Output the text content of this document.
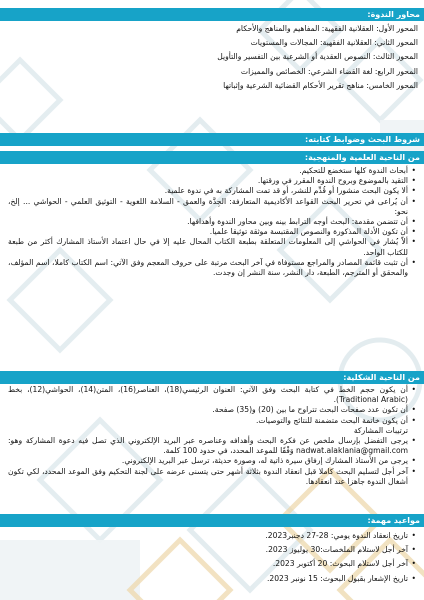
محاور الندوة:

المحور الأول: العقلانية الفقهية: المفاهيم والمناهج والأحكام

المحور الثاني: العقلانية الفقهية: المجالات والمستويات

المحور الثالث: النصوص العقدية أو الشرعية بين التفسير والتأويل

المحور الرابع: لغة القضاء الشرعي: الخصائص والمميزات

المحور الخامس: مناهج تقرير الأحكام القضائية الشرعية وإثباتها

شروط البحث وضوابط كتابته:
من الناحية العلمية والمنهجية:
• أبحاث الندوة كلها ستخضع للتحكيم.
• التقيد بالموضوع وبروح الندوة المقرر في ورقتها.
• ألا يكون البحث منشورا أو قُدِّم للنشر، أو قد تمت المشاركة به في ندوة علمية.
• أن يُراعى في تحرير البحث القواعد الأكاديمية المتعارفة: الجِدَّة والعمق - السلامة اللغوية - التوثيق العلمي - الحواشي ... إلخ، نحو:
• أن تتضمن مقدمة: البحث أوجه الترابط بينه وبين محاور الندوة وأهدافها.
• أن تكون الأدلة المذكورة والنصوص المقتبسة موثقة توثيقا علميا.
• ألاّ يُشار في الحواشي إلى المعلومات المتعلقة بطبعة الكتاب المحال عليه إلا في حال اعتماد الأستاذ المشارك أكثر من طبعة للكتاب الواحد.
• أن تثبت قائمة المصادر والمراجع مستوفاة في آخر البحث مرتبة على حروف المعجم وفق الآتي: اسم الكتاب كاملا، اسم المؤلف، والمحقق أو المترجم، الطبعة، دار النشر، سنة النشر إن وجدت.
من الناحية الشكلية:
• أن يكون حجم الخط في كتابة البحث وفق الآتي: العنوان الرئيسي(18)، العناصر(16)، المتن(14)، الحواشي(12)، بخط (Traditional Arabic).
• أن تكون عدد صفحات البحث تتراوح ما بين (20) و(35) صفحة.
• أن يكون خاتمة البحث متضمنة للنتائج والتوصيات.

ترتيبات المشاركة

• يرجى التفضل بإرسال ملخص عن فكرة البحث وأهدافه وعناصره عبر البريد الإلكتروني الذي تصل فيه دعوة المشاركة وهو: nadwat.alaklania@gmail.com وَفْقًا للموعد المحدد، في حدود 100 كلمة.
• يرجى من الأستاذ المشارك إرفاق سيرة ذاتية له، وصورة حديثة، ترسل عبر البريد الإلكتروني.
• آخر أجل لتسليم البحث كاملا قبل انعقاد الندوة بثلاثة أشهر حتى يتسنى عرضه على لجنة التحكيم وفق الموعد المحدد، لكي تكون أشغال الندوة جاهزا عند انعقادها.
مواعيد مهمة:
• تاريخ انعقاد الندوة يومي: 28-27 دجنبر2023.
• آخر أجل لاستلام الملخصات:30 يوليوز 2023.
• آخر أجل لاستلام البحوث: 20 أكتوبر 2023.
• تاريخ الإشعار بقبول البحوث: 15 نونبر 2023.
